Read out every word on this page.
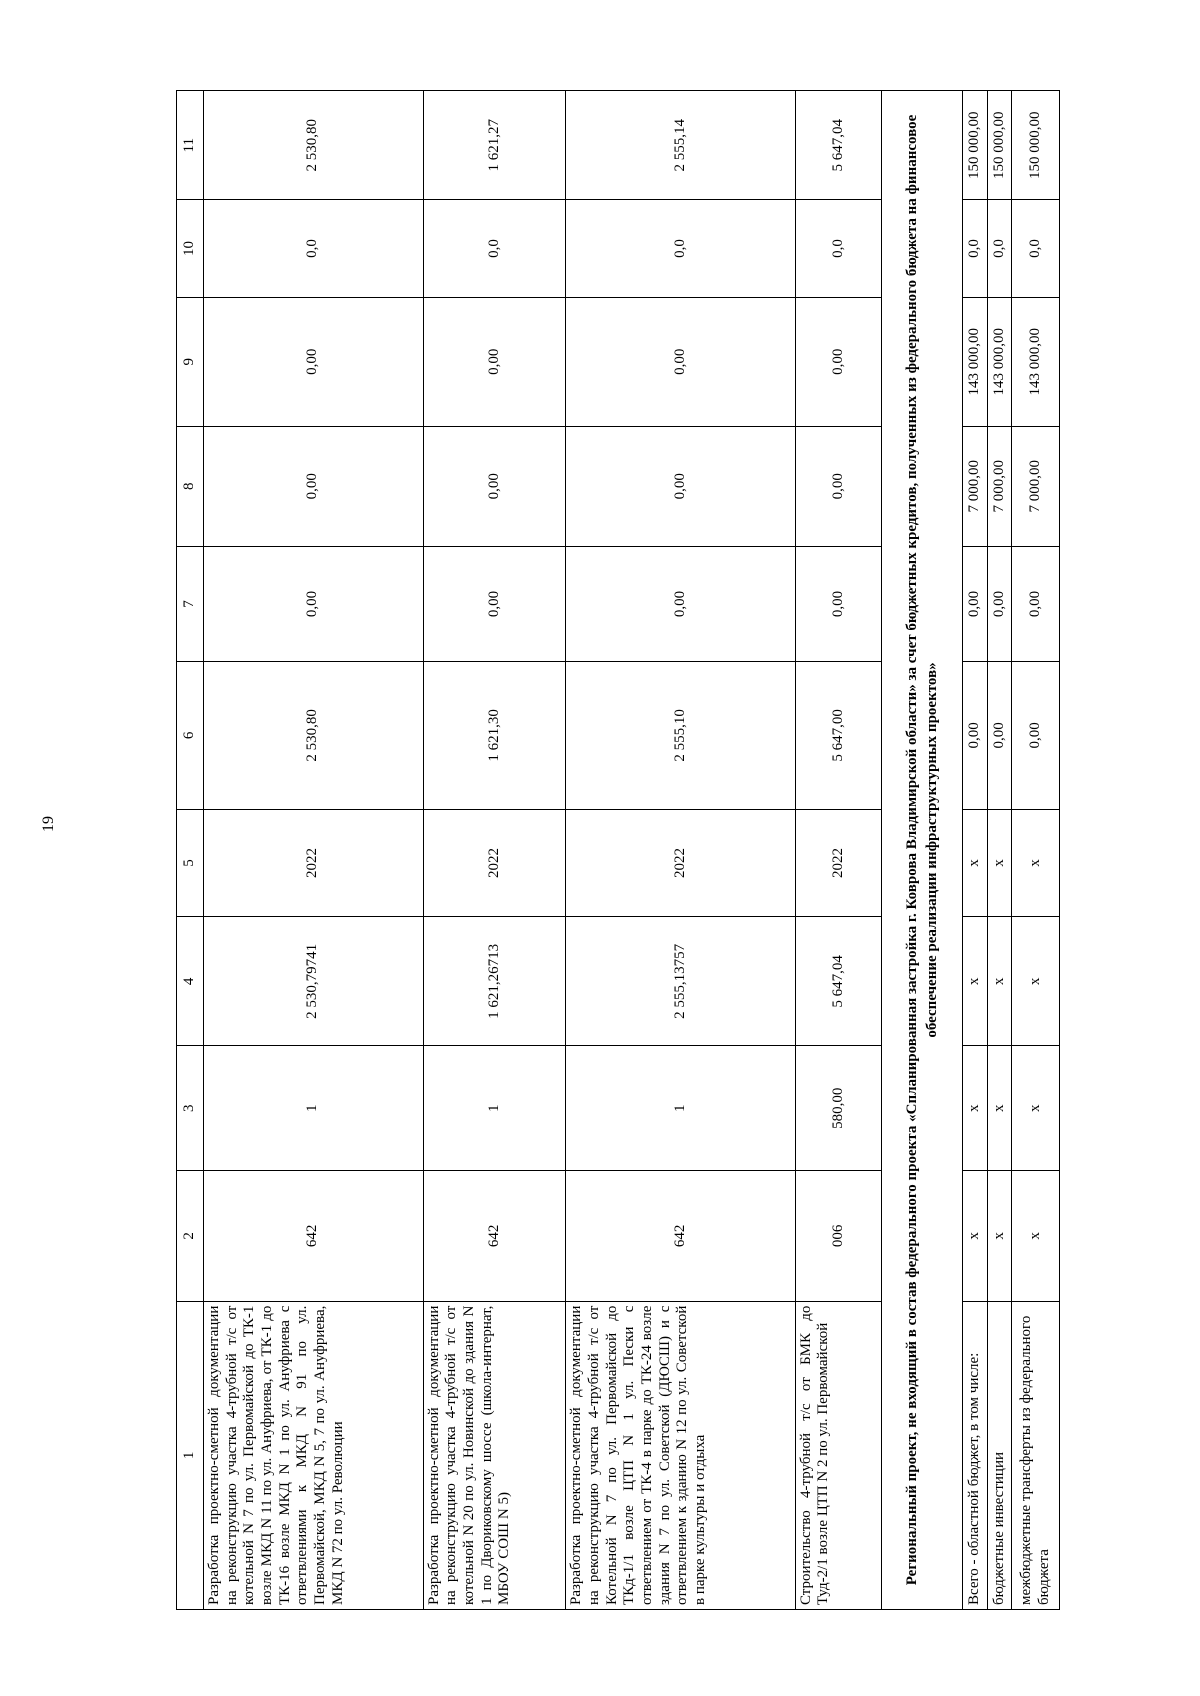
19
1	2	3	4	5	6	7	8	9	10	11
Разработка проектно-сметной документации на реконструкцию участка 4-трубной т/с от котельной N 7 по ул. Первомайской до ТК-1 возле МКД N 11 по ул. Ануфриева, от ТК-1 до ТК-16 возле МКД N 1 по ул. Ануфриева с ответвлениями к МКД N 91 по ул. Первомайской, МКД N 5, 7 по ул. Ануфриева, МКД N 72 по ул. Революции	642	1	2 530,79741	2022	2 530,80	0,00	0,00	0,00	0,0	2 530,80
Разработка проектно-сметной документации на реконструкцию участка 4-трубной т/с от котельной N 20 по ул. Новинской до здания N 1 по Двориковскому шоссе (школа-интернат, МБОУ СОШ N 5)	642	1	1 621,26713	2022	1 621,30	0,00	0,00	0,00	0,0	1 621,27
Разработка проектно-сметной документации на реконструкцию участка 4-трубной т/с от Котельной N 7 по ул. Первомайской до ТКд-1/1 возле ЦТП N 1 ул. Пески с ответвлением от ТК-4 в парке до ТК-24 возле здания N 7 по ул. Советской (ДЮСШ) и с ответвлением к зданию N 12 по ул. Советской в парке культуры и отдыха	642	1	2 555,13757	2022	2 555,10	0,00	0,00	0,00	0,0	2 555,14
Строительство 4-трубной т/с от БМК до Туд-2/1 возле ЦТП N 2 по ул. Первомайской	006	580,00	5 647,04	2022	5 647,00	0,00	0,00	0,00	0,0	5 647,04
Региональный проект, не входящий в состав федерального проекта «Спланированная застройка г. Коврова Владимирской области» за счет бюджетных кредитов, полученных из федерального бюджета на финансовое обеспечение реализации инфраструктурных проектов»										
Всего - областной бюджет, в том числе:	х	х	х	х	0,00	0,00	7 000,00	143 000,00	0,0	150 000,00
бюджетные инвестиции	х	х	х	х	0,00	0,00	7 000,00	143 000,00	0,0	150 000,00
межбюджетные трансферты из федерального бюджета	х	х	х	х	0,00	0,00	7 000,00	143 000,00	0,0	150 000,00
